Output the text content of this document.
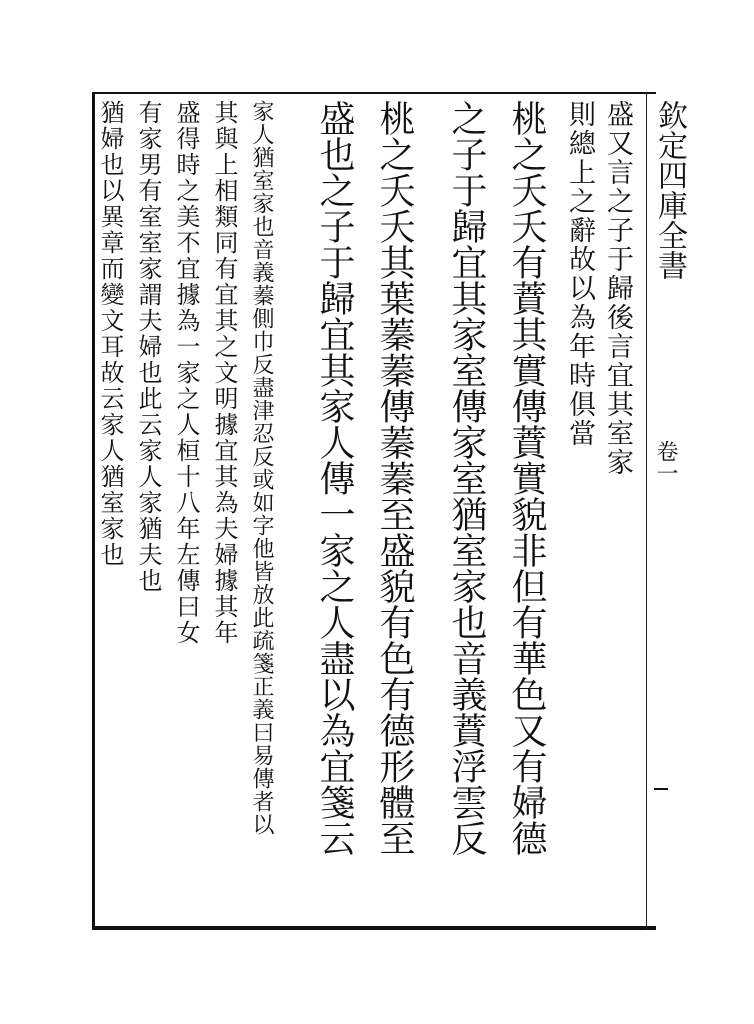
欽定四庫全書
卷一
盛又言之子于歸後言宜其室家
則總上之辭故以為年時俱當
桃之夭夭有蕡其實傳蕡實貌非但有華色又有婦德
之子于歸宜其家室傳家室猶室家也音義蕡浮雲反
桃之夭夭其葉蓁蓁傳蓁蓁至盛貌有色有德形體至
盛也之子于歸宜其家人傳一家之人盡以為宜箋云
家人猶室家也音義蓁側巾反盡津忍反或如字他皆放此疏箋正義曰易傳者以
其與上相類同有宜其之文明據宜其為夫婦據其年
盛得時之美不宜據為一家之人桓十八年左傳曰女
有家男有室室家謂夫婦也此云家人家猶夫也
猶婦也以異章而變文耳故云家人猶室家也
